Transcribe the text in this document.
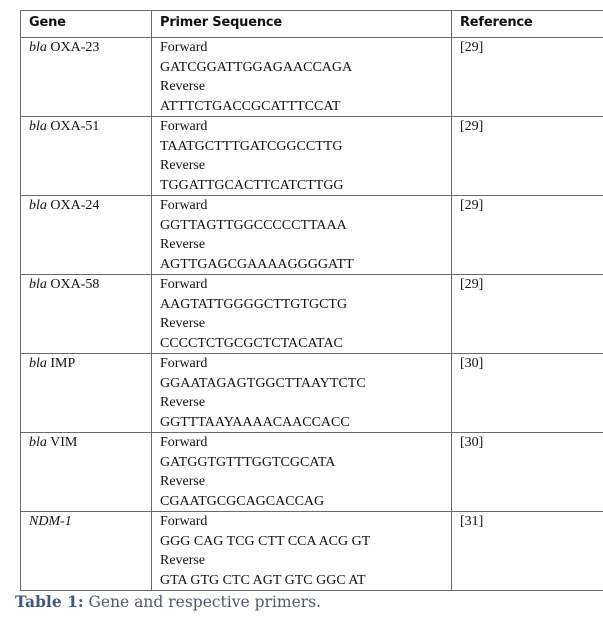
Gene	Primer Sequence	Reference
bla OXA-23	Forward
GATCGGATTGGAGAACCAGA
Reverse
ATTTCTGACCGCATTTCCAT	[29]
bla OXA-51	Forward
TAATGCTTTGATCGGCCTTG
Reverse
TGGATTGCACTTCATCTTGG	[29]
bla OXA-24	Forward
GGTTAGTTGGCCCCCTTAAA
Reverse
AGTTGAGCGAAAAGGGGATT	[29]
bla OXA-58	Forward
AAGTATTGGGGCTTGTGCTG
Reverse
CCCCTCTGCGCTCTACATAC	[29]
bla IMP	Forward
GGAATAGAGTGGCTTAAYTCTC
Reverse
GGTTTAAYAAAACAACCACC	[30]
bla VIM	Forward
GATGGTGTTTGGTCGCATA
Reverse
CGAATGCGCAGCACCAG	[30]
NDM-1	Forward
GGG CAG TCG CTT CCA ACG GT
Reverse
GTA GTG CTC AGT GTC GGC AT	[31]
Table 1: Gene and respective primers.
